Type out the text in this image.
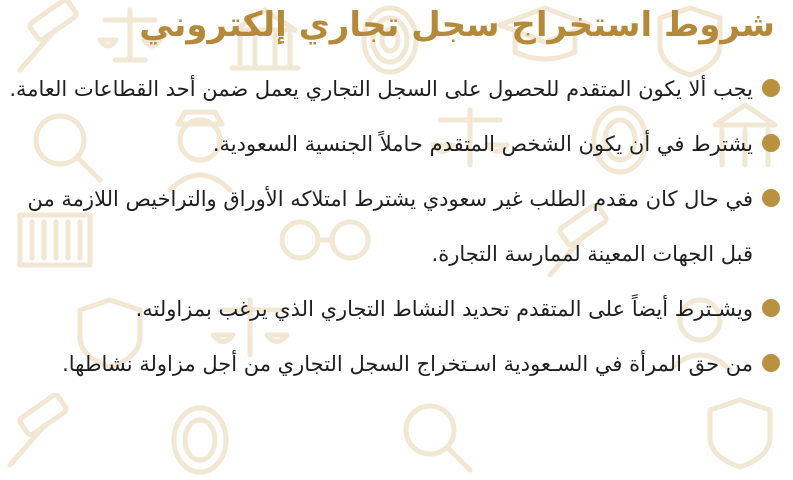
شروط استخراج سجل تجاري إلكتروني
يجب ألا يكون المتقدم للحصول على السجل التجاري يعمل ضمن أحد القطاعات العامة.
يشترط في أن يكون الشخص المتقدم حاملاً الجنسية السعودية.
في حال كان مقدم الطلب غير سعودي يشترط امتلاكه الأوراق والتراخيص اللازمة من قبل الجهات المعينة لممارسة التجارة.
ويشـترط أيضاً على المتقدم تحديد النشاط التجاري الذي يرغب بمزاولته.
من حق المرأة في السـعودية اسـتخراج السجل التجاري من أجل مزاولة نشاطها.
